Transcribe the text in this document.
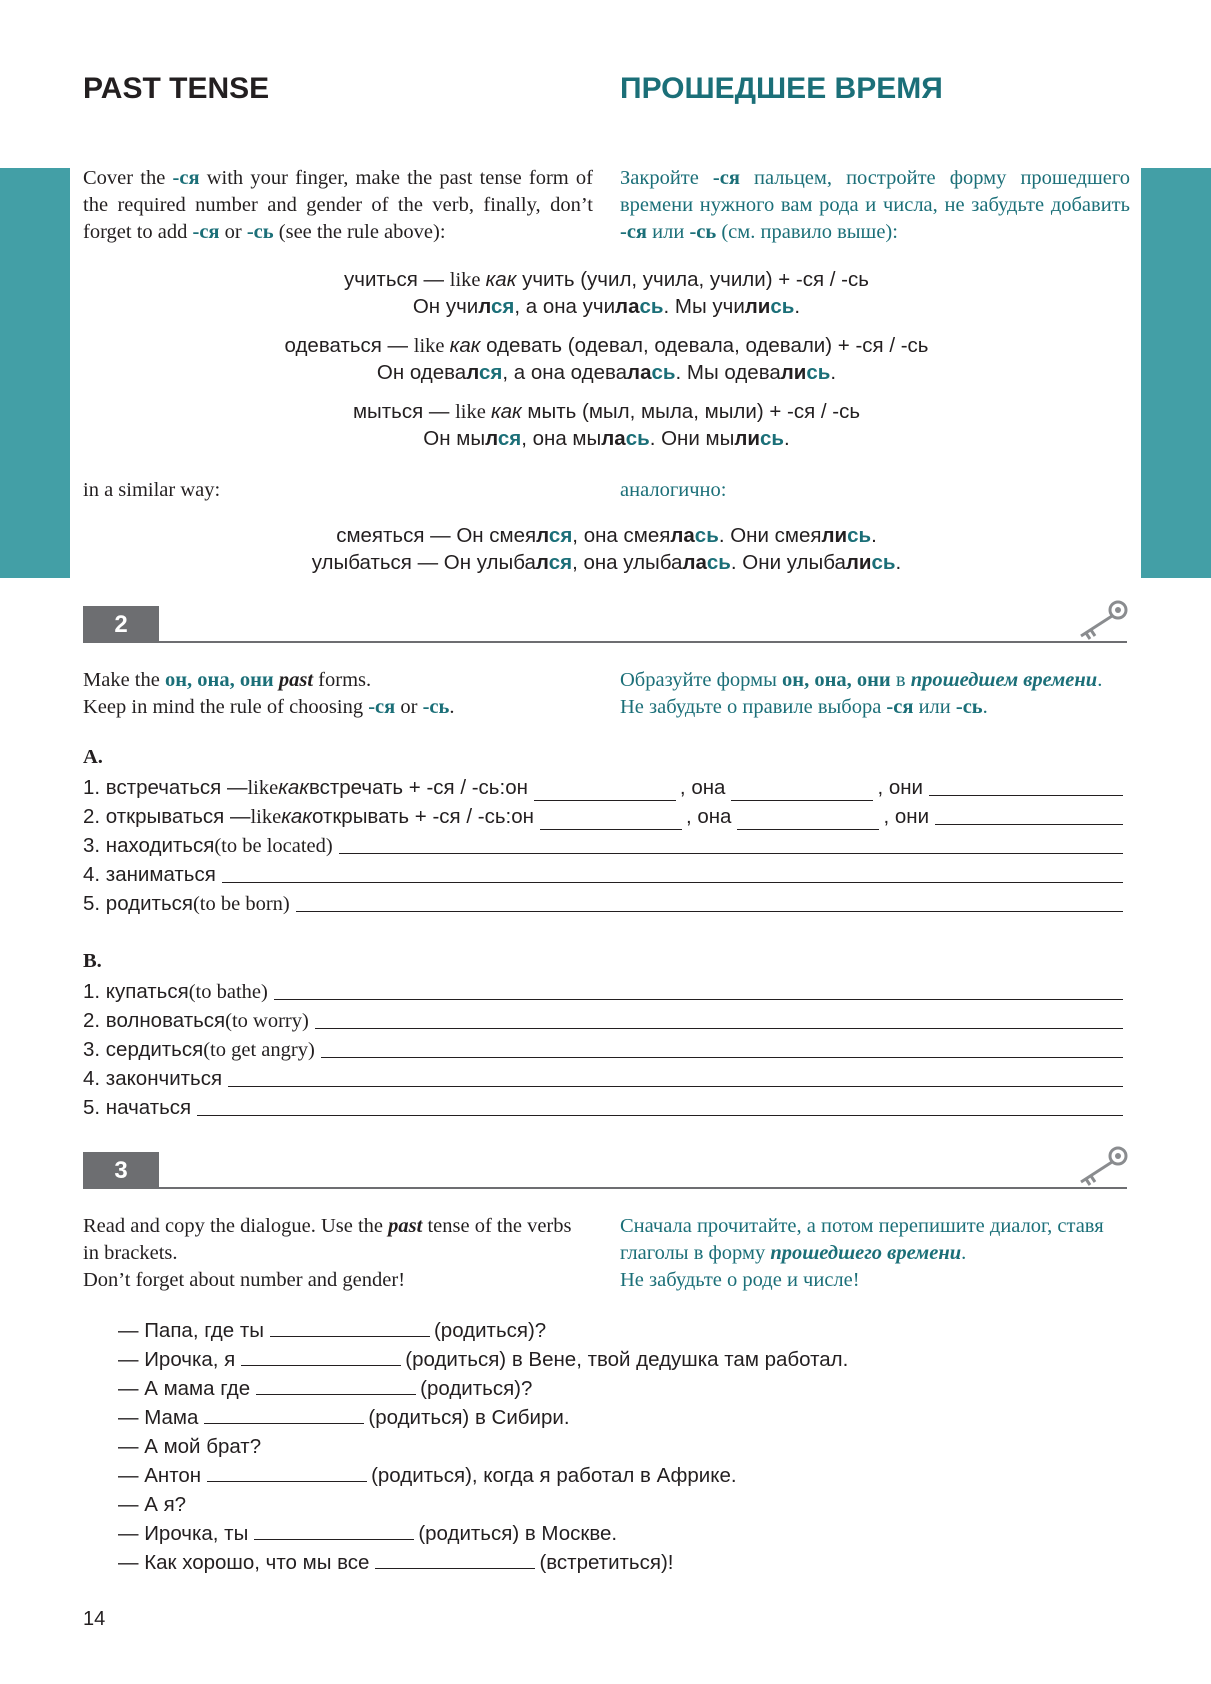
PAST TENSE	ПРОШЕДШЕЕ ВРЕМЯ
Cover the -ся with your finger, make the past tense form of the required number and gender of the verb, finally, don’t forget to add -ся or -сь (see the rule above):
Закройте -ся пальцем, постройте форму прошедшего времени нужного вам рода и числа, не забудьте добавить -ся или -сь (см. правило выше):
учиться — like как учить (учил, учила, учили) + -ся / -сь
Он учился, а она училась. Мы учились.
одеваться — like как одевать (одевал, одевала, одевали) + -ся / -сь
Он одевался, а она одевалась. Мы одевались.
мыться — like как мыть (мыл, мыла, мыли) + -ся / -сь
Он мылся, она мылась. Они мылись.
in a similar way:	аналогично:
смеяться — Он смеялся, она смеялась. Они смеялись.
улыбаться — Он улыбался, она улыбалась. Они улыбались.
2
Make the он, она, они past forms.
Keep in mind the rule of choosing -ся or -сь.
Образуйте формы он, она, они в прошедшем времени.
Не забудьте о правиле выбора -ся или -сь.
A.
1. встречаться — like как встречать + -ся / -сь: он	, она	, они
2. открываться — like как открывать + -ся / -сь: он	, она	, они
3. находиться (to be located)
4. заниматься
5. родиться (to be born)
B.
1. купаться (to bathe)
2. волноваться (to worry)
3. сердиться (to get angry)
4. закончиться
5. начаться
3
Read and copy the dialogue. Use the past tense of the verbs
in brackets.
Don’t forget about number and gender!
Сначала прочитайте, а потом перепишите диалог, ставя
глаголы в форму прошедшего времени.
Не забудьте о роде и числе!
— Папа, где ты	(родиться)?
— Ирочка, я	(родиться) в Вене, твой дедушка там работал.
— А мама где	(родиться)?
— Мама	(родиться) в Сибири.
— А мой брат?
— Антон	(родиться), когда я работал в Африке.
— А я?
— Ирочка, ты	(родиться) в Москве.
— Как хорошо, что мы все	(встретиться)!
14
